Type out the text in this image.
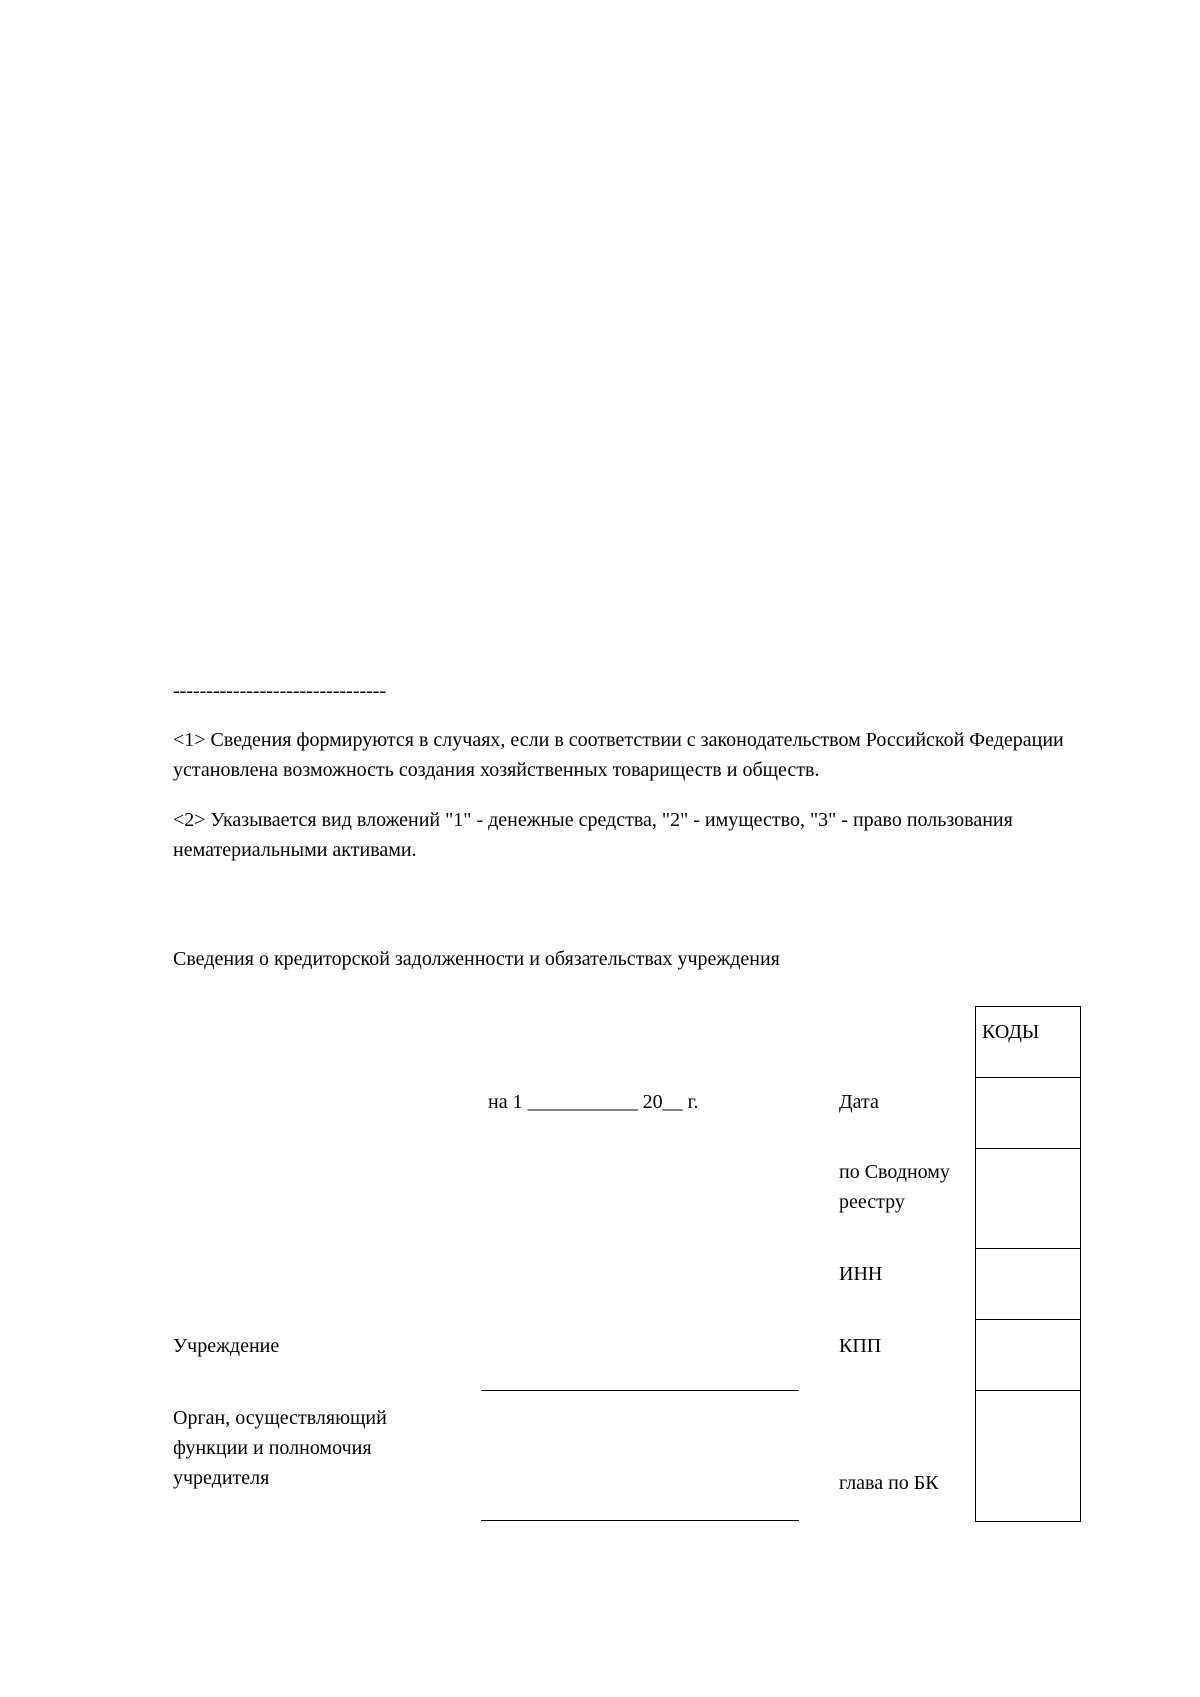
--------------------------------
<1> Сведения формируются в случаях, если в соответствии с законодательством Российской Федерации установлена возможность создания хозяйственных товариществ и обществ.
<2> Указывается вид вложений "1" - денежные средства, "2" - имущество, "3" - право пользования нематериальными активами.
Сведения о кредиторской задолженности и обязательствах учреждения
на 1 ___________ 20__ г.	Дата
по Сводному
реестру
ИНН
КПП
глава по БК
Учреждение
Орган, осуществляющий
функции и полномочия
учредителя
КОДЫ
